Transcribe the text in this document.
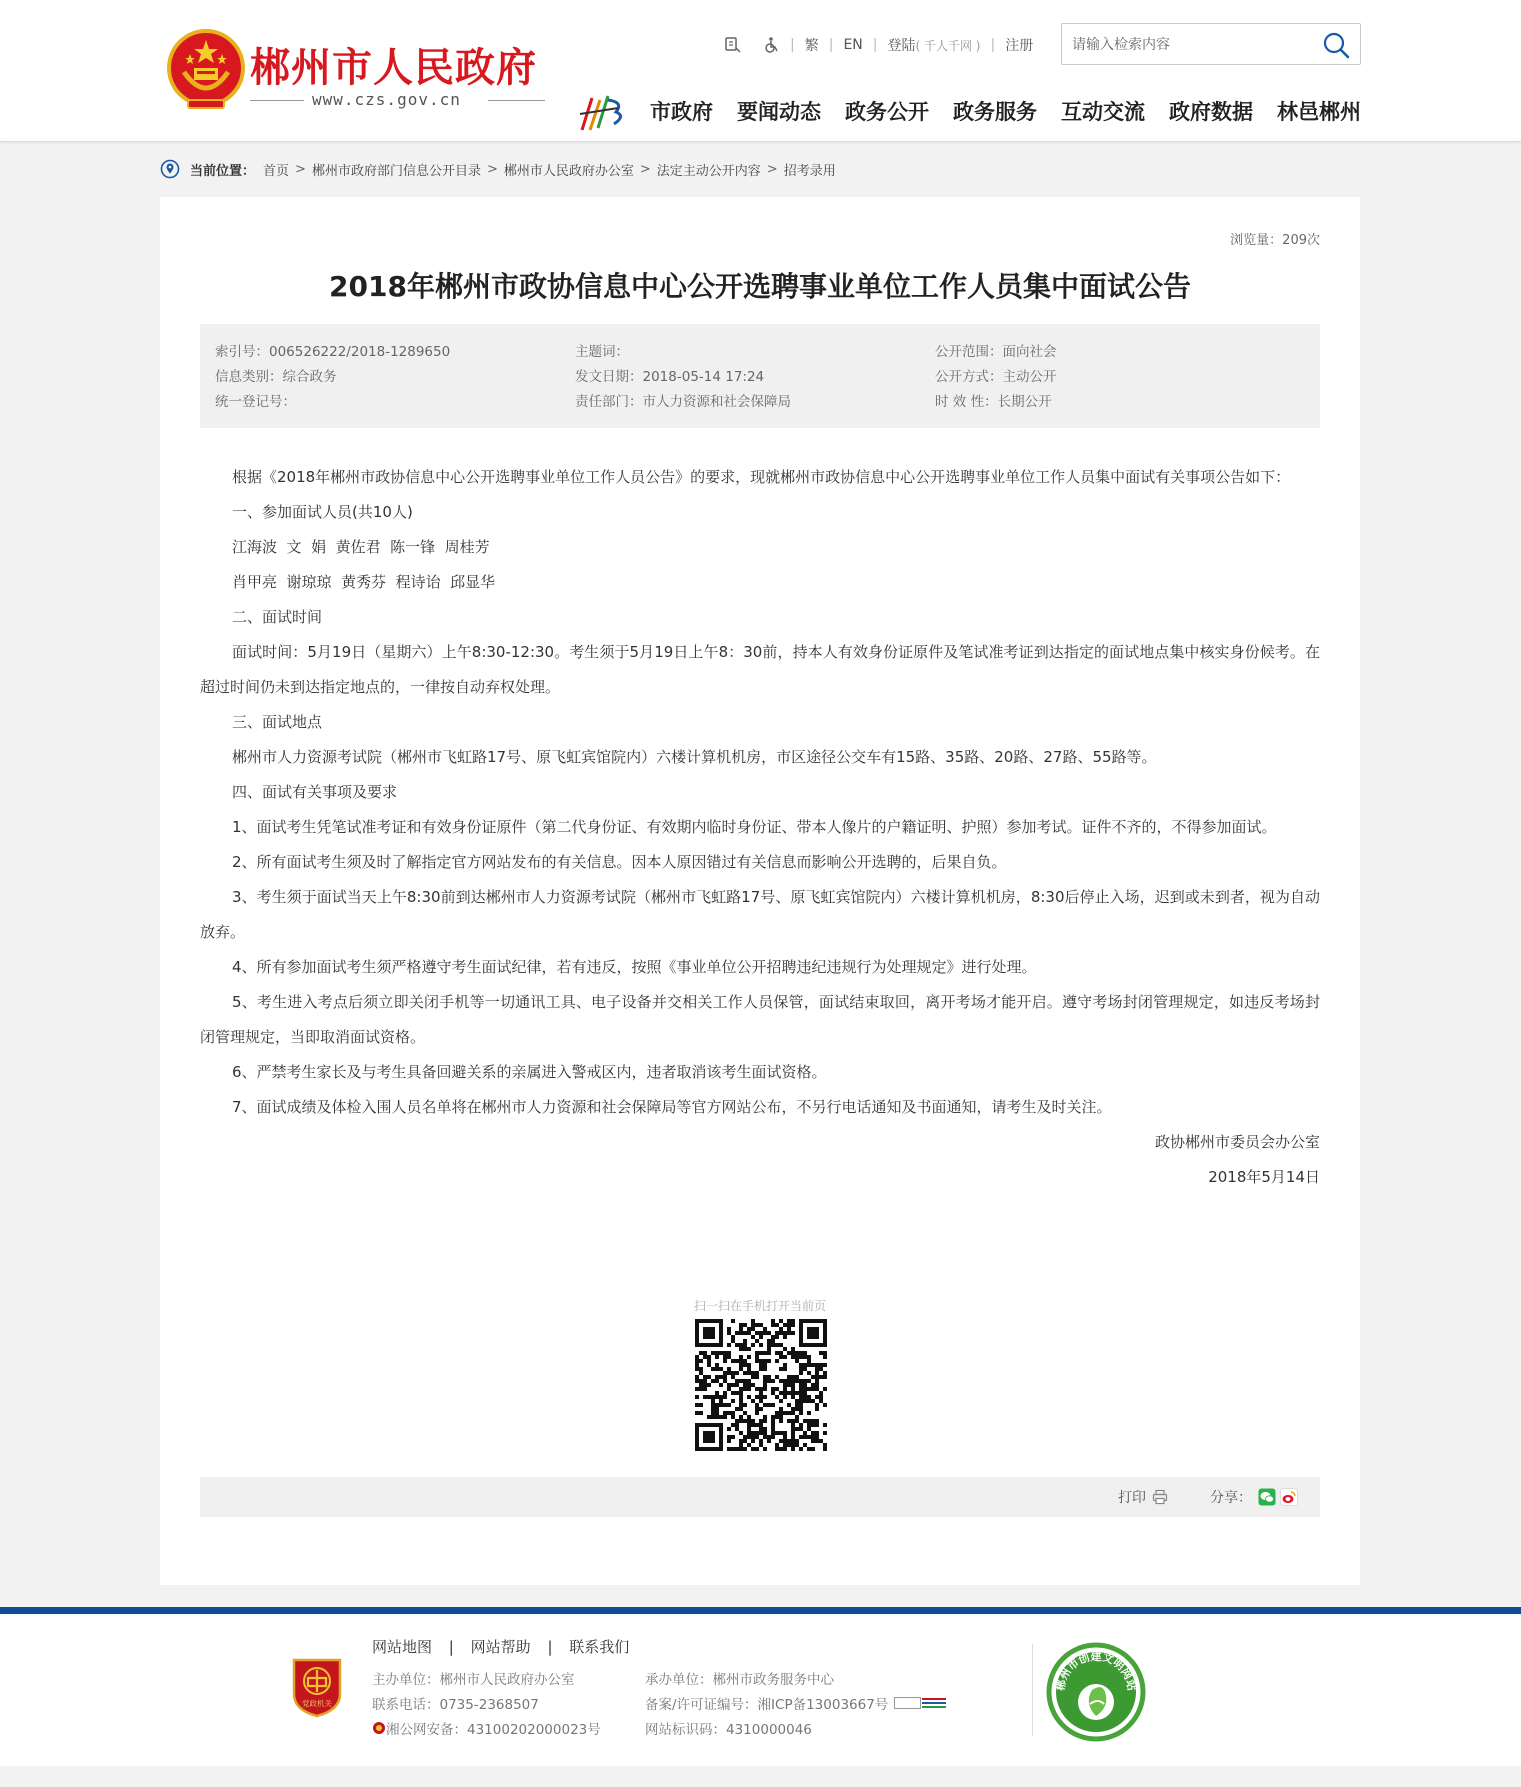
郴州市人民政府
www.czs.gov.cn
| 繁 | EN | 登陆 ( 千人千网 ) | 注册
请输入检索内容
市政府 要闻动态 政务公开 政务服务 互动交流 政府数据 林邑郴州
当前位置： 首页 > 郴州市政府部门信息公开目录 > 郴州市人民政府办公室 > 法定主动公开内容 > 招考录用
浏览量：209次
2018年郴州市政协信息中心公开选聘事业单位工作人员集中面试公告
索引号：006526222/2018-1289650
信息类别：综合政务
统一登记号：
主题词：
发文日期：2018-05-14 17:24
责任部门：市人力资源和社会保障局
公开范围：面向社会
公开方式：主动公开
时 效 性：长期公开

根据《2018年郴州市政协信息中心公开选聘事业单位工作人员公告》的要求，现就郴州市政协信息中心公开选聘事业单位工作人员集中面试有关事项公告如下：

一、参加面试人员(共10人)

江海波  文  娟  黄佐君  陈一锋  周桂芳

肖甲亮  谢琼琼  黄秀芬  程诗诒  邱显华

二、面试时间

面试时间：5月19日（星期六）上午8:30-12:30。考生须于5月19日上午8：30前，持本人有效身份证原件及笔试准考证到达指定的面试地点集中核实身份候考。在超过时间仍未到达指定地点的，一律按自动弃权处理。

三、面试地点

郴州市人力资源考试院（郴州市飞虹路17号、原飞虹宾馆院内）六楼计算机机房，市区途径公交车有15路、35路、20路、27路、55路等。

四、面试有关事项及要求

1、面试考生凭笔试准考证和有效身份证原件（第二代身份证、有效期内临时身份证、带本人像片的户籍证明、护照）参加考试。证件不齐的，不得参加面试。

2、所有面试考生须及时了解指定官方网站发布的有关信息。因本人原因错过有关信息而影响公开选聘的，后果自负。

3、考生须于面试当天上午8:30前到达郴州市人力资源考试院（郴州市飞虹路17号、原飞虹宾馆院内）六楼计算机机房，8:30后停止入场，迟到或未到者，视为自动放弃。

4、所有参加面试考生须严格遵守考生面试纪律，若有违反，按照《事业单位公开招聘违纪违规行为处理规定》进行处理。

5、考生进入考点后须立即关闭手机等一切通讯工具、电子设备并交相关工作人员保管，面试结束取回，离开考场才能开启。遵守考场封闭管理规定，如违反考场封闭管理规定，当即取消面试资格。

6、严禁考生家长及与考生具备回避关系的亲属进入警戒区内，违者取消该考生面试资格。

7、面试成绩及体检入围人员名单将在郴州市人力资源和社会保障局等官方网站公布，不另行电话通知及书面通知，请考生及时关注。

政协郴州市委员会办公室

2018年5月14日

扫一扫在手机打开当前页
打印	分享：
党政机关
网站地图 | 网站帮助 | 联系我们
主办单位：郴州市人民政府办公室
联系电话：0735-2368507
湘公网安备：43100202000023号
承办单位：郴州市政务服务中心
备案/许可证编号：湘ICP备13003667号
网站标识码：4310000046
郴州市创建文明网站
